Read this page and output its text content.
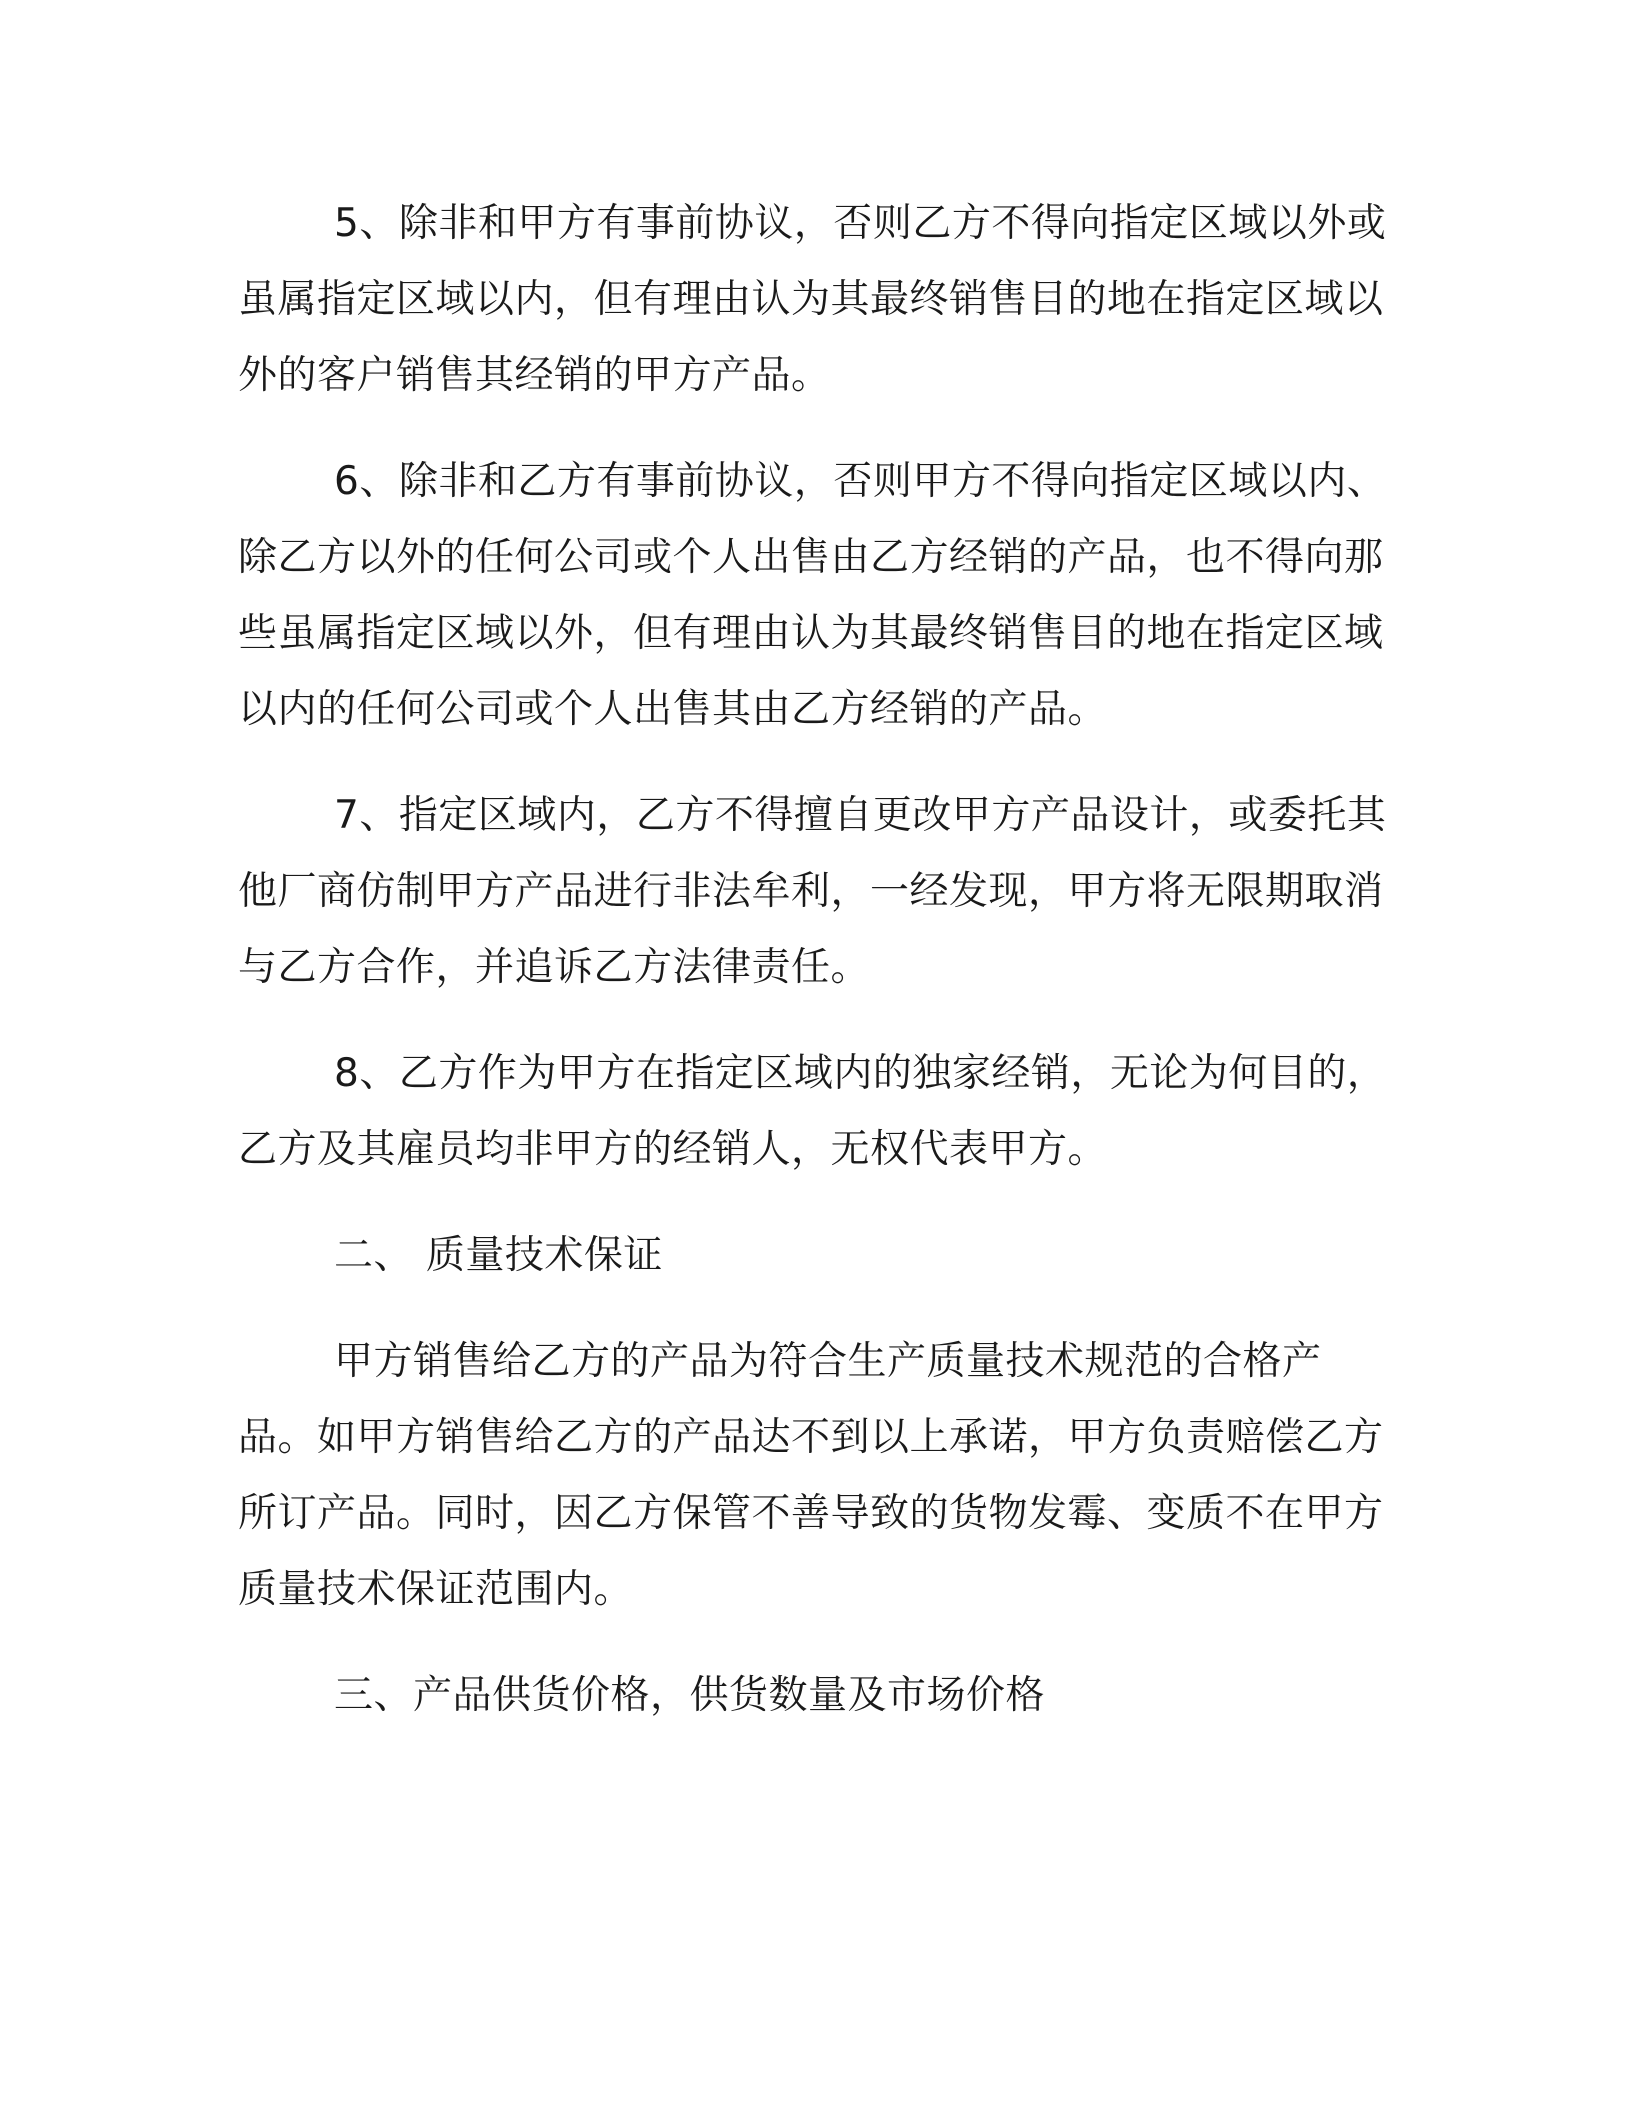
5、除非和甲方有事前协议，否则乙方不得向指定区域以外或虽属指定区域以内，但有理由认为其最终销售目的地在指定区域以外的客户销售其经销的甲方产品。

6、除非和乙方有事前协议，否则甲方不得向指定区域以内、除乙方以外的任何公司或个人出售由乙方经销的产品，也不得向那些虽属指定区域以外，但有理由认为其最终销售目的地在指定区域以内的任何公司或个人出售其由乙方经销的产品。

7、指定区域内，乙方不得擅自更改甲方产品设计，或委托其他厂商仿制甲方产品进行非法牟利，一经发现，甲方将无限期取消与乙方合作，并追诉乙方法律责任。

8、乙方作为甲方在指定区域内的独家经销，无论为何目的，乙方及其雇员均非甲方的经销人，无权代表甲方。

二、 质量技术保证

甲方销售给乙方的产品为符合生产质量技术规范的合格产品。如甲方销售给乙方的产品达不到以上承诺，甲方负责赔偿乙方所订产品。同时，因乙方保管不善导致的货物发霉、变质不在甲方质量技术保证范围内。

三、产品供货价格，供货数量及市场价格
